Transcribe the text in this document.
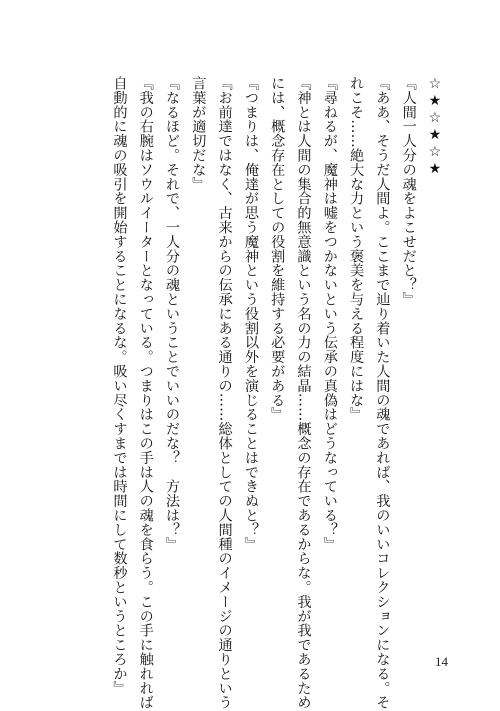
☆★☆★☆★
『人間一人分の魂をよこせだと？』
『ああ、そうだ人間よ。ここまで辿り着いた人間の魂であれば、我のいいコレクションになる。そ
れこそ……絶大な力という褒美を与える程度にはな』
『尋ねるが、魔神は嘘をつかないという伝承の真偽はどうなっている？』
『神とは人間の集合的無意識という名の力の結晶……概念の存在であるからな。我が我であるため
には、概念存在としての役割を維持する必要がある』
『つまりは、俺達が思う魔神という役割以外を演じることはできぬと？』
『お前達ではなく、古来からの伝承にある通りの……総体としての人間種のイメージの通りという
言葉が適切だな』
『なるほど。それで、一人分の魂ということでいいのだな？　方法は？』
『我の右腕はソウルイーターとなっている。つまりはこの手は人の魂を食らう。この手に触れれば
自動的に魂の吸引を開始することになるな。吸い尽くすまでは時間にして数秒というところか』	14
